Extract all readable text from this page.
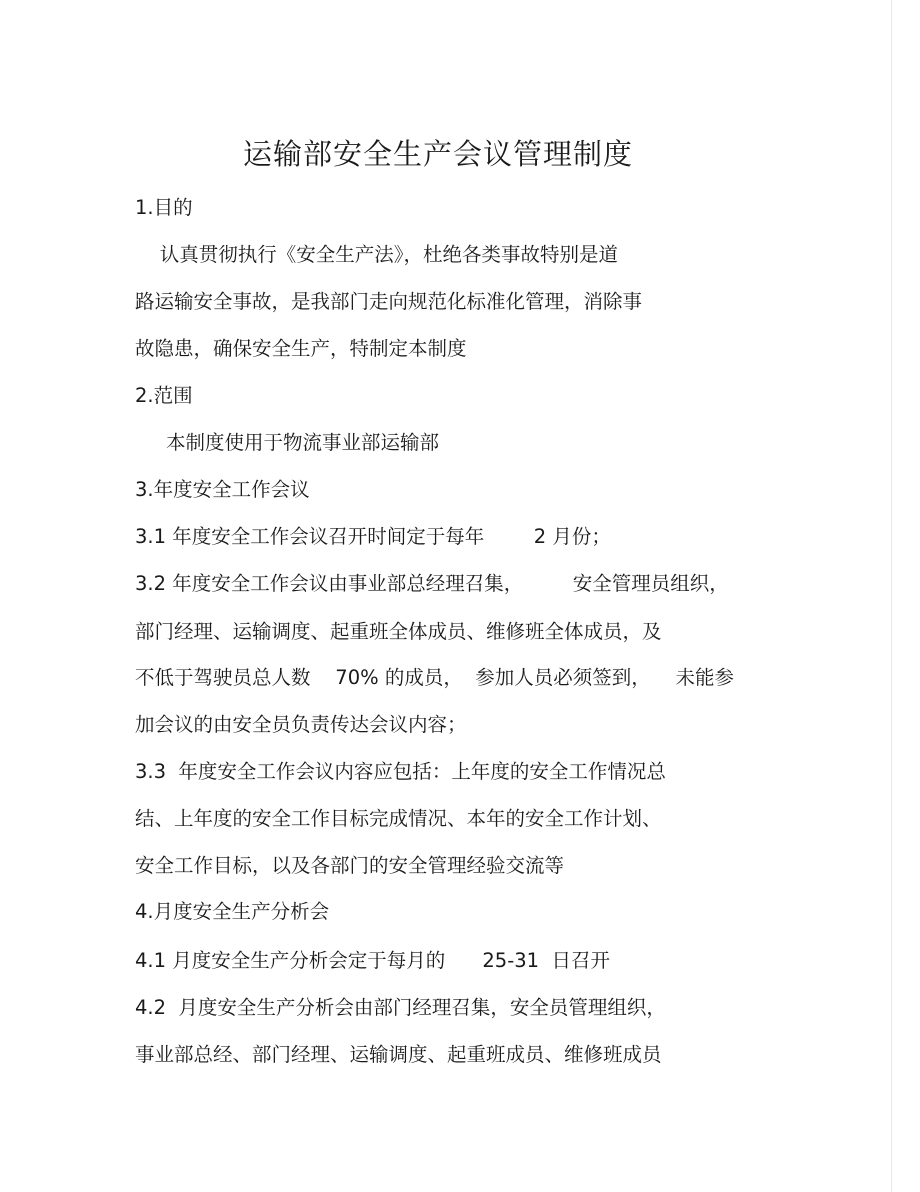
运输部安全生产会议管理制度
1.目的
认真贯彻执行《安全生产法》，杜绝各类事故特别是道
路运输安全事故，是我部门走向规范化标准化管理，消除事
故隐患，确保安全生产，特制定本制度
2.范围
本制度使用于物流事业部运输部
3.年度安全工作会议
3.1 年度安全工作会议召开时间定于每年        2 月份；
3.2 年度安全工作会议由事业部总经理召集，        安全管理员组织，
部门经理、运输调度、起重班全体成员、维修班全体成员，及
不低于驾驶员总人数    70% 的成员，  参加人员必须签到，    未能参
加会议的由安全员负责传达会议内容；
3.3  年度安全工作会议内容应包括：上年度的安全工作情况总
结、上年度的安全工作目标完成情况、本年的安全工作计划、
安全工作目标，以及各部门的安全管理经验交流等
4.月度安全生产分析会
4.1 月度安全生产分析会定于每月的      25-31  日召开
4.2  月度安全生产分析会由部门经理召集，安全员管理组织，
事业部总经、部门经理、运输调度、起重班成员、维修班成员
